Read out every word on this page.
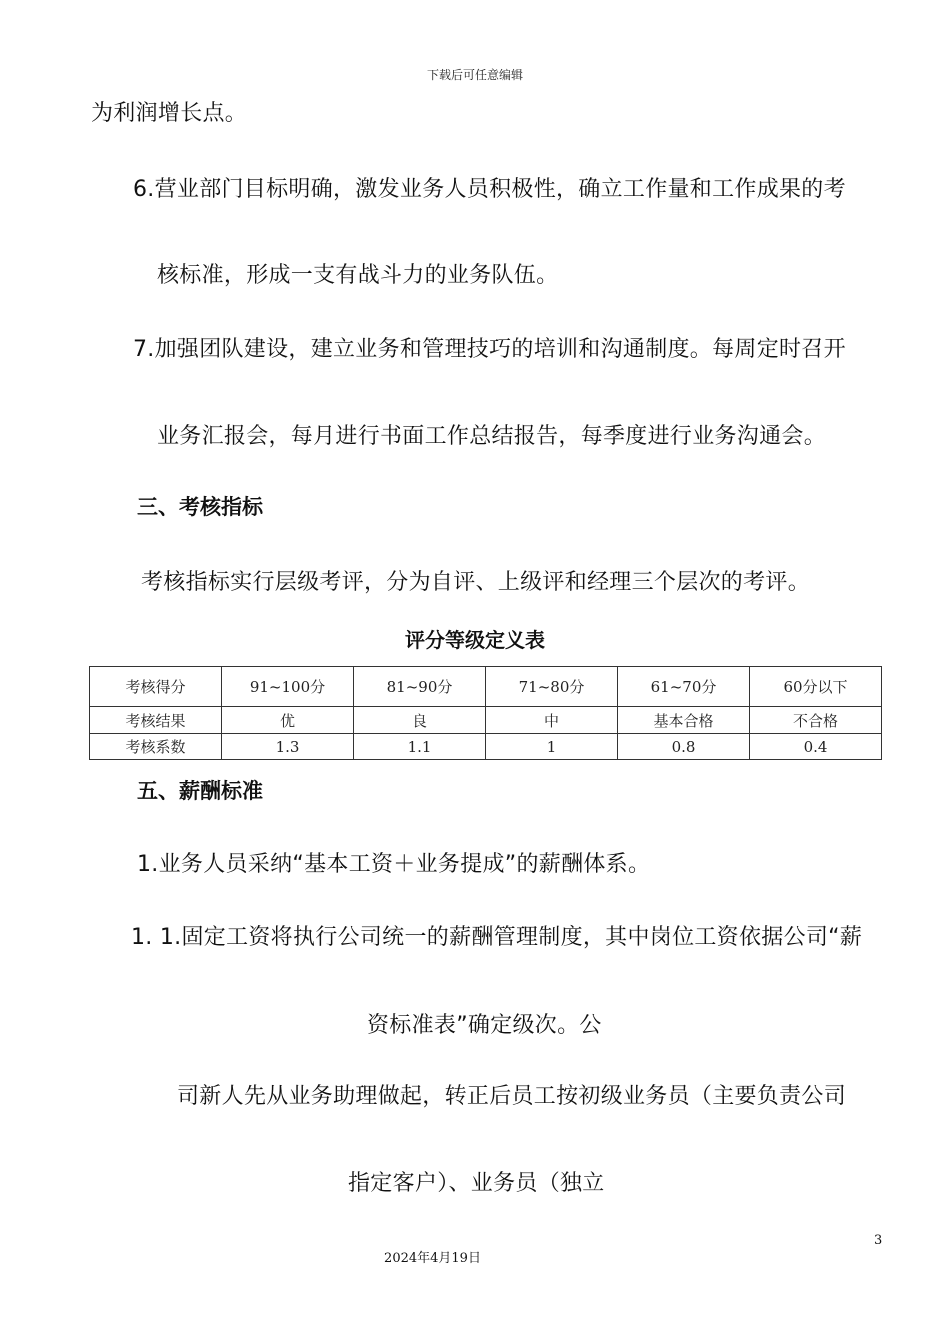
下载后可任意编辑
为利润增长点。
6.营业部门目标明确，激发业务人员积极性，确立工作量和工作成果的考
核标准，形成一支有战斗力的业务队伍。
7.加强团队建设，建立业务和管理技巧的培训和沟通制度。每周定时召开
业务汇报会，每月进行书面工作总结报告，每季度进行业务沟通会。
三、考核指标
考核指标实行层级考评，分为自评、上级评和经理三个层次的考评。
评分等级定义表
考核得分	91~100分	81~90分	71~80分	61~70分	60分以下
考核结果	优	良	中	基本合格	不合格
考核系数	1.3	1.1	1	0.8	0.4
五、薪酬标准
1.业务人员采纳“基本工资＋业务提成”的薪酬体系。
1. 1.固定工资将执行公司统一的薪酬管理制度，其中岗位工资依据公司“薪
资标准表”确定级次。公
司新人先从业务助理做起，转正后员工按初级业务员（主要负责公司
指定客户）、业务员（独立
3
2024年4月19日
